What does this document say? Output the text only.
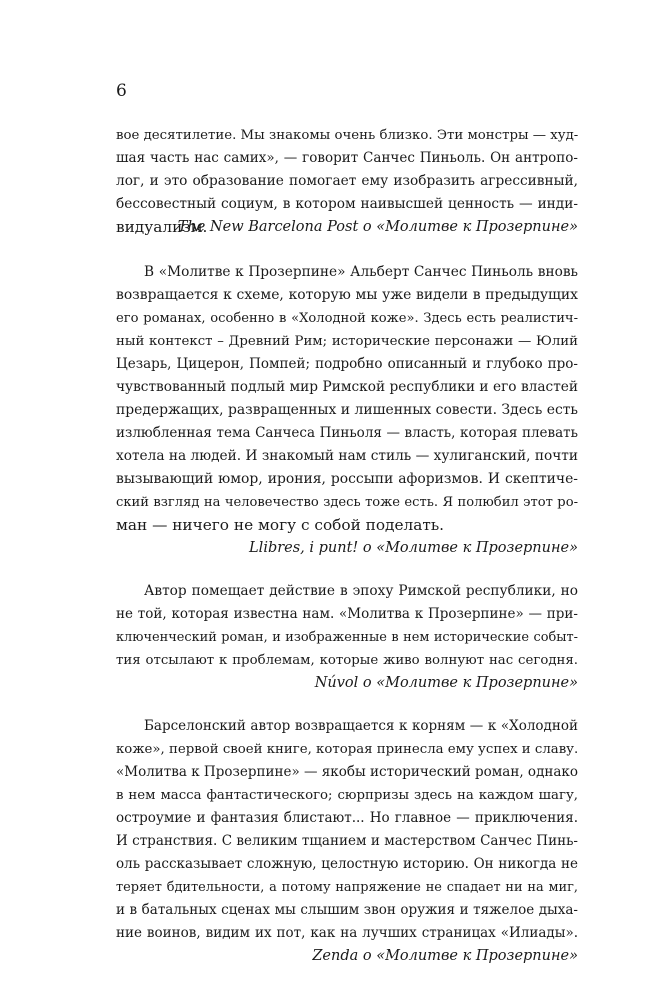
6
вое десятилетие. Мы знакомы очень близко. Эти монстры — худ-
шая часть нас самих», — говорит Санчес Пиньоль. Он антропо-
лог, и это образование помогает ему изобразить агрессивный,
бессовестный социум, в котором наивысшей ценность — инди-
видуализм.
The New Barcelona Post о «Молитве к Прозерпине»
В «Молитве к Прозерпине» Альберт Санчес Пиньоль вновь
возвращается к схеме, которую мы уже видели в предыдущих
его романах, особенно в «Холодной коже». Здесь есть реалистич-
ный контекст – Древний Рим; исторические персонажи — Юлий
Цезарь, Цицерон, Помпей; подробно описанный и глубоко про-
чувствованный подлый мир Римской республики и его властей
предержащих, развращенных и лишенных совести. Здесь есть
излюбленная тема Санчеса Пиньоля — власть, которая плевать
хотела на людей. И знакомый нам стиль — хулиганский, почти
вызывающий юмор, ирония, россыпи афоризмов. И скептиче-
ский взгляд на человечество здесь тоже есть. Я полюбил этот ро-
ман — ничего не могу с собой поделать.
Llibres, i punt! о «Молитве к Прозерпине»
Автор помещает действие в эпоху Римской республики, но
не той, которая известна нам. «Молитва к Прозерпине» — при-
ключенческий роман, и изображенные в нем исторические событ-
тия отсылают к проблемам, которые живо волнуют нас сегодня.
Núvol о «Молитве к Прозерпине»
Барселонский автор возвращается к корням — к «Холодной
коже», первой своей книге, которая принесла ему успех и славу.
«Молитва к Прозерпине» — якобы исторический роман, однако
в нем масса фантастического; сюрпризы здесь на каждом шагу,
остроумие и фантазия блистают... Но главное — приключения.
И странствия. С великим тщанием и мастерством Санчес Пинь-
оль рассказывает сложную, целостную историю. Он никогда не
теряет бдительности, а потому напряжение не спадает ни на миг,
и в батальных сценах мы слышим звон оружия и тяжелое дыха-
ние воинов, видим их пот, как на лучших страницах «Илиады».
Zenda о «Молитве к Прозерпине»
